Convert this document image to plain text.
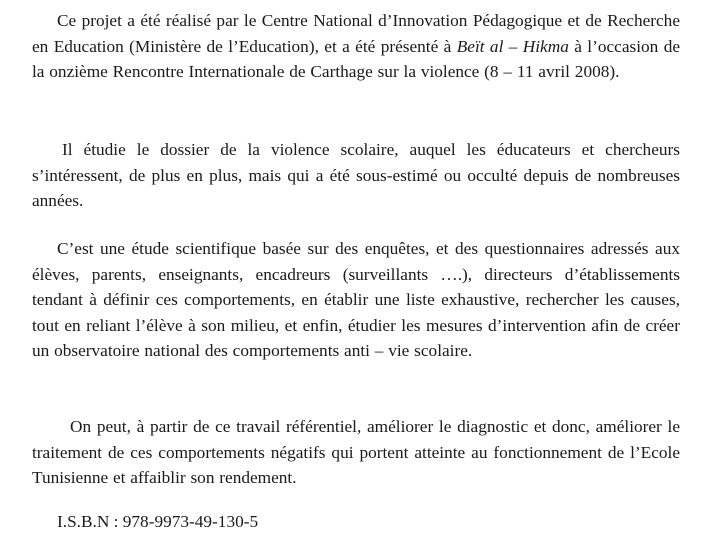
Ce projet a été réalisé par le Centre National d’Innovation Pédagogique et de Recherche en Education (Ministère de l’Education), et a été présenté à Beït al – Hikma à l’occasion de la onzième Rencontre Internationale de Carthage sur la violence (8 – 11 avril 2008).

Il étudie le dossier de la violence scolaire, auquel les éducateurs et chercheurs s’intéressent, de plus en plus, mais qui a été sous-estimé ou occulté depuis de nombreuses années.

C’est une étude scientifique basée sur des enquêtes, et des questionnaires adressés aux élèves, parents, enseignants, encadreurs (surveillants ….), directeurs d’établissements tendant à définir ces comportements, en établir une liste exhaustive, rechercher les causes, tout en reliant l’élève à son milieu, et enfin, étudier les mesures d’intervention afin de créer un observatoire national des comportements anti – vie scolaire.

On peut, à partir de ce travail référentiel, améliorer le diagnostic et donc, améliorer le traitement de ces comportements négatifs qui portent atteinte au fonctionnement de l’Ecole Tunisienne et affaiblir son rendement.

I.S.B.N : 978-9973-49-130-5
